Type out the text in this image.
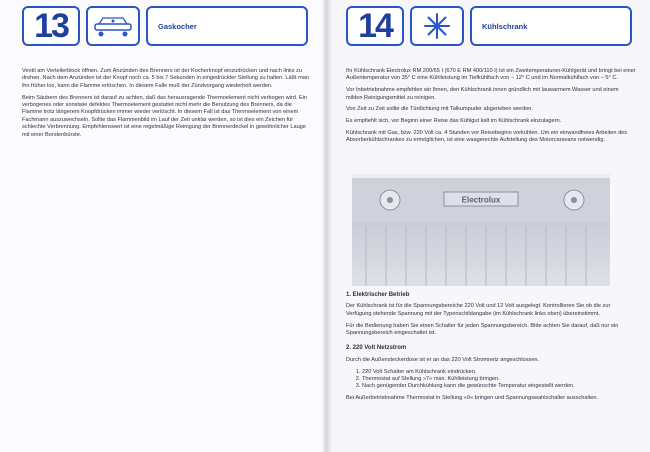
13	Gaskocher

Ventil am Verteilerblock öffnen. Zum Anzünden des Brenners ist der Kocherknopf einzudrücken und nach links zu drehen. Nach dem Anzünden ist der Knopf noch ca. 5 bis 7 Sekunden in eingedrückter Stellung zu halten. Läßt man ihn früher los, kann die Flamme erlöschen. In diesem Falle muß der Zündvorgang wiederholt werden.

Beim Säubern des Brenners ist darauf zu achten, daß das herausragende Thermoelement nicht verbogen wird. Ein verbogenes oder sonstwie defektes Thermoelement gestattet nicht mehr die Benutzung des Brenners, da die Flamme trotz längerem Knopfdrücken immer wieder verlöscht. In diesem Fall ist das Thermoelement von einem Fachmann auszuwechseln. Sollte das Flammenbild im Lauf der Zeit unklar werden, so ist dies ein Zeichen für schlechte Verbrennung. Empfehlenswert ist eine regelmäßige Reinigung der Brennerdeckel in gewöhnlicher Lauge mit einer Borstenbürste.

14	Kühlschrank

Ihr Kühlschrank Electrolux RM 200/65 I (670 E RM 400/110 I) ist ein Zweitemperaturen-Kühlgerät und bringt bei einer Außentemperatur von 35° C eine Kühlleistung im Tiefkühlfach von − 12° C und im Normalkühlfach von − 5° C.

Vor Inbetriebnahme empfehlen wir Ihnen, den Kühlschrank innen gründlich mit lauwarmem Wasser und einem milden Reinigungsmittel zu reinigen.

Von Zeit zu Zeit sollte die Türdichtung mit Talkumpuder abgerieben werden.

Es empfiehlt sich, vor Beginn einer Reise das Kühlgut kalt im Kühlschrank einzulagern.

Kühlschrank mit Gas, bzw. 220 Volt ca. 4 Stunden vor Reisebeginn vorkühlen. Um ein einwandfreies Arbeiten des Absorberkühlschrankes zu ermöglichen, ist eine waagerechte Aufstellung des Motorcaravans notwendig.

1. Elektrischer Betrieb

Der Kühlschrank ist für die Spannungsbereiche 220 Volt und 12 Volt ausgelegt. Kontrollieren Sie ob die zur Verfügung stehende Spannung mit der Typenschildangabe (im Kühlschrank links oben) übereinstimmt.

Für die Bedienung haben Sie einen Schalter für jeden Spannungsbereich. Bitte achten Sie darauf, daß nur ein Spannungsbereich eingeschaltet ist.

2. 220 Volt Netzstrom

Durch die Außensteckerdose ist er an das 220 Volt Stromnetz angeschlossen.

1. 220 Volt Schalter am Kühlschrank eindrücken.
2. Thermostat auf Stellung »7« max. Kühlleistung bringen.
3. Nach genügender Durchkühlung kann die gewünschte Temperatur eingestellt werden.

Bei Außerbetriebnahme Thermostat in Stellung »0« bringen und Spannungswahlschalter ausschalten.

Electrolux
